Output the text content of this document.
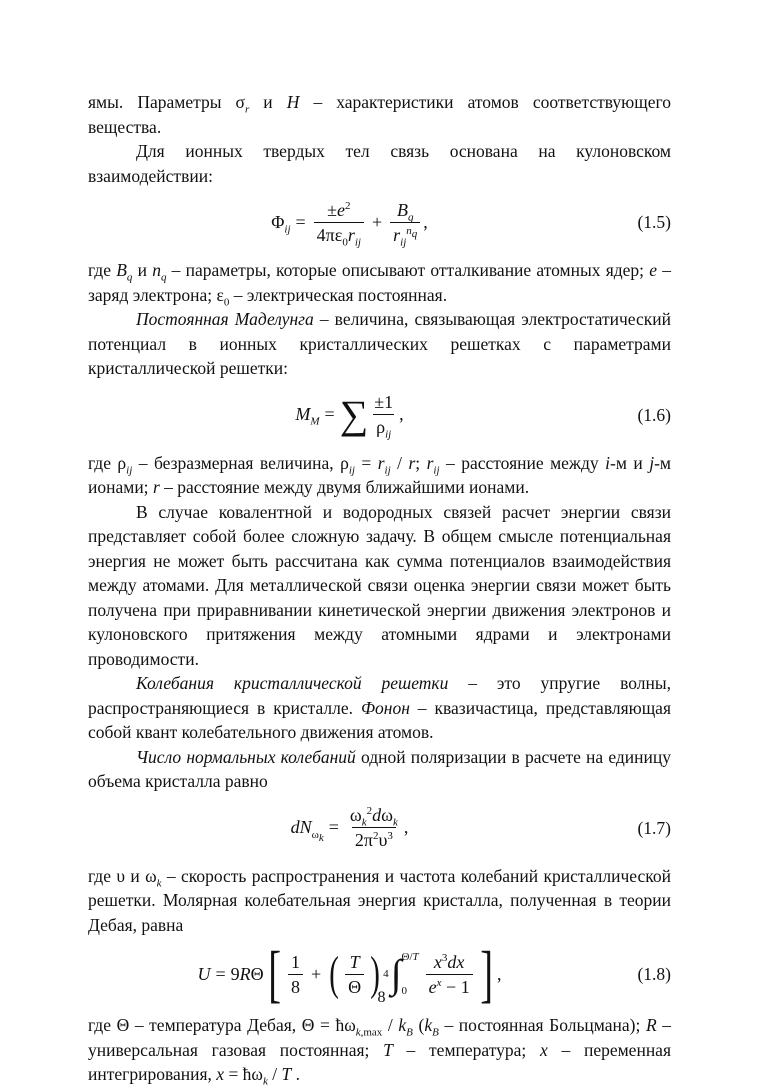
ямы. Параметры $\sigma_r$ и H – характеристики атомов соответствующего вещества.

Для ионных твердых тел связь основана на кулоновском взаимодействии:

$\Phi_{ij} = \frac{\pm e^2}{4\pi\varepsilon_0r_{ij}} + \frac{B_q}{r_{ij}^{n_q}}$ ,	(1.5)

где $B_q$ и $n_q$ – параметры, которые описывают отталкивание атомных ядер; e – заряд электрона; $\varepsilon_0$ – электрическая постоянная.

Постоянная Маделунга – величина, связывающая электростатический потенциал в ионных кристаллических решетках с параметрами кристаллической решетки:

$M_M$ = ∑ $\frac{\pm 1}{\rho_{ij}}$ ,	(1.6)

где $\rho_{ij}$ – безразмерная величина, $\rho_{ij} = r_{ij} / r$; $r_{ij}$ – расстояние между i-м и j-м ионами; r – расстояние между двумя ближайшими ионами.

В случае ковалентной и водородных связей расчет энергии связи представляет собой более сложную задачу. В общем смысле потенциальная энергия не может быть рассчитана как сумма потенциалов взаимодействия между атомами. Для металлической связи оценка энергии связи может быть получена при приравнивании кинетической энергии движения электронов и кулоновского притяжения между атомными ядрами и электронами проводимости.

Колебания кристаллической решетки – это упругие волны, распространяющиеся в кристалле. Фонон – квазичастица, представляющая собой квант колебательного движения атомов.

Число нормальных колебаний одной поляризации в расчете на единицу объема кристалла равно

$dN_{\omega_k}$
= $\frac{\omega_k^2d\omega_k}{2\pi^2\upsilon^3}$ ,	(1.7)

где υ и $\omega_k$ – скорость распространения и частота колебаний кристаллической решетки. Молярная колебательная энергия кристалла, полученная в теории Дебая, равна

U = 9RΘ [ $\frac{1}{8}$ + ( $\frac{T}{\Theta}$ ) 4 ∫ Θ/T
0	$\frac{x^3dx}{e^x - 1}$ ] ,	(1.8)

где Θ – температура Дебая, $\Theta = ħ\omega_{k,max} / k_B$ ($k_B$ – постоянная Больцмана); R – универсальная газовая постоянная; T – температура; x – переменная интегрирования, $x = ħ\omega_k / T$ .

8
